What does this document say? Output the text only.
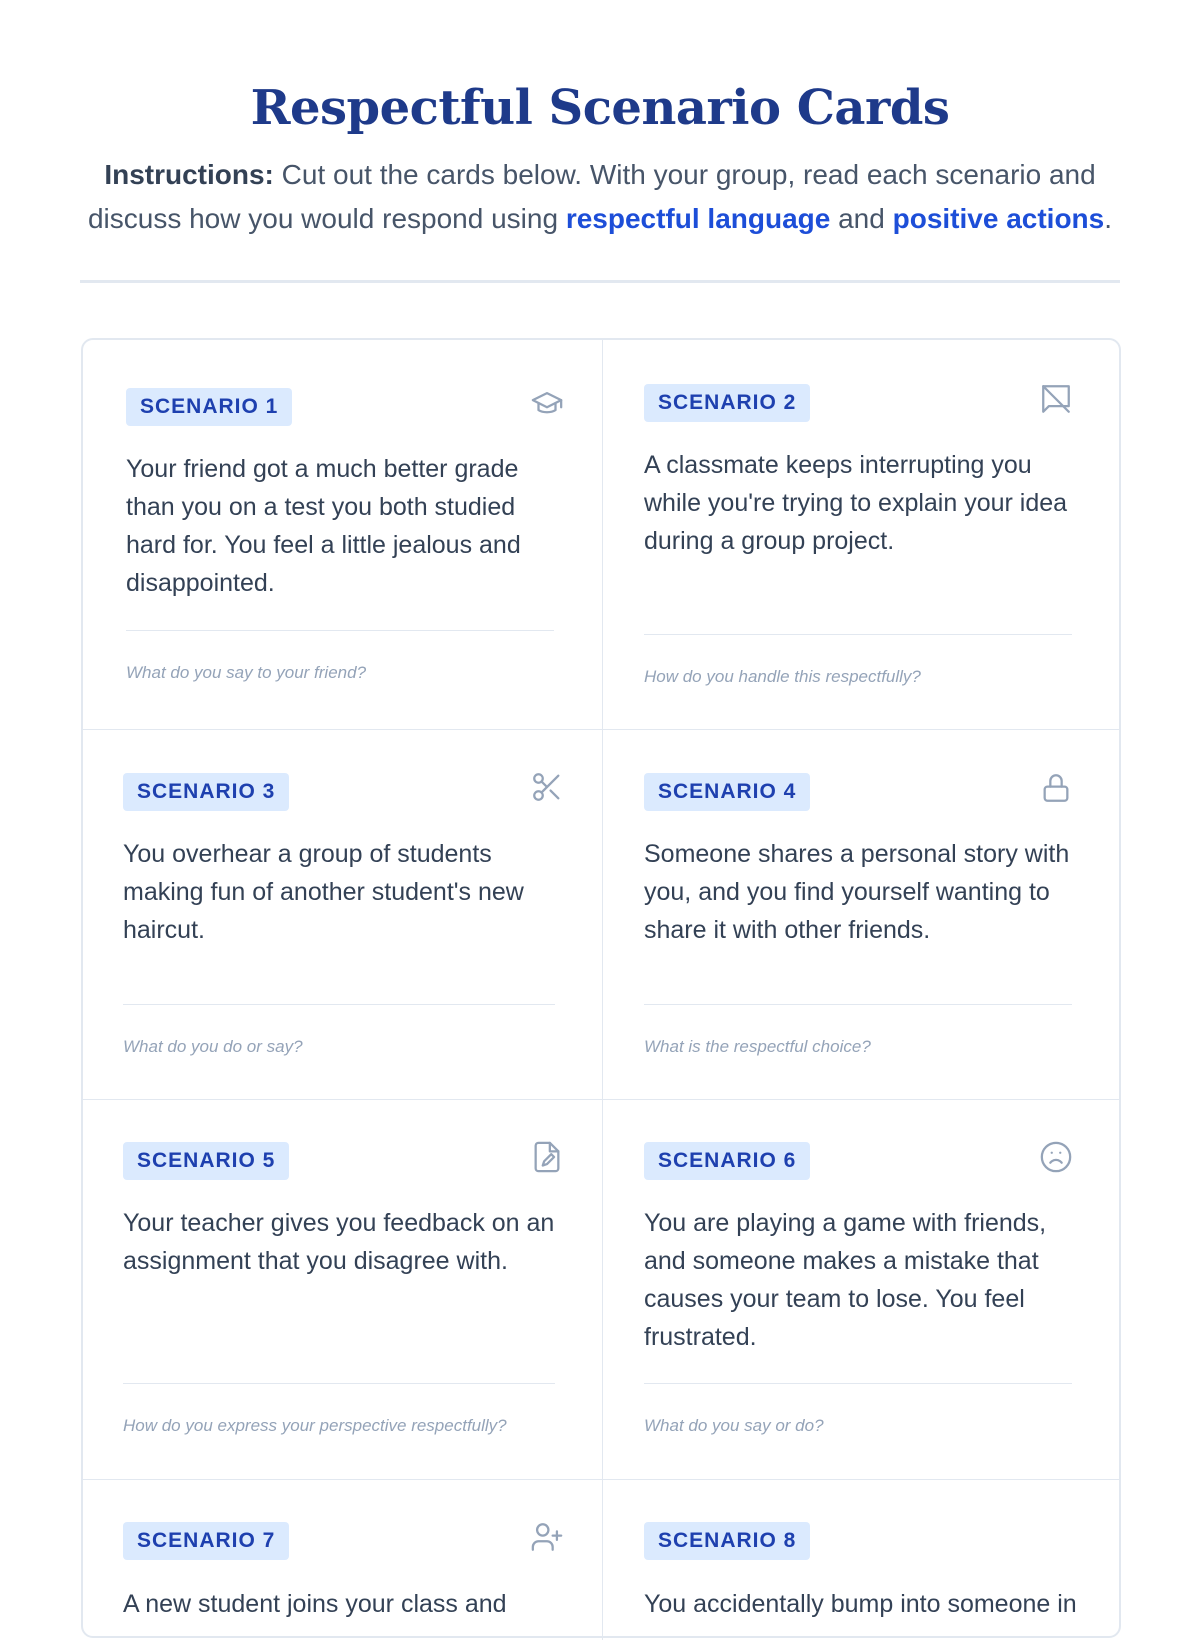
Respectful Scenario Cards

Instructions: Cut out the cards below. With your group, read each scenario and discuss how you would respond using respectful language and positive actions.

SCENARIO 1

Your friend got a much better grade than you on a test you both studied hard for. You feel a little jealous and disappointed.

What do you say to your friend?
SCENARIO 2

A classmate keeps interrupting you while you're trying to explain your idea during a group project.

How do you handle this respectfully?
SCENARIO 3

You overhear a group of students making fun of another student's new haircut.

What do you do or say?
SCENARIO 4

Someone shares a personal story with you, and you find yourself wanting to share it with other friends.

What is the respectful choice?
SCENARIO 5

Your teacher gives you feedback on an assignment that you disagree with.

How do you express your perspective respectfully?
SCENARIO 6

You are playing a game with friends, and someone makes a mistake that causes your team to lose. You feel frustrated.

What do you say or do?
SCENARIO 7

A new student joins your class and

SCENARIO 8

You accidentally bump into someone in
